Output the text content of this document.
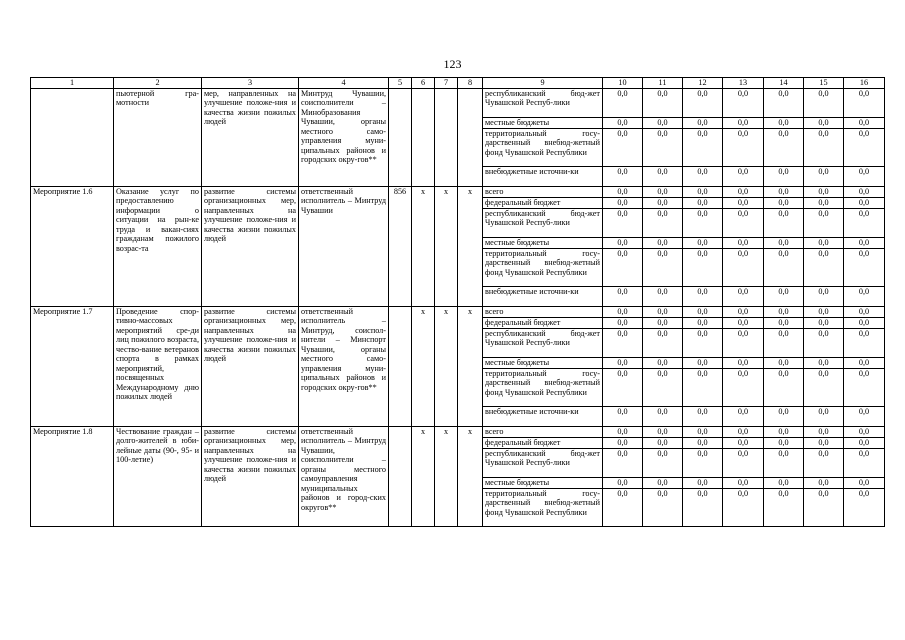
123
1	2	3	4	5	6	7	8	9	10	11	12	13	14	15	16
	пьютерной гра-мотности	мер, направленных на улучшение положе-ния и качества жизни пожилых людей	Минтруд Чувашии, соисполнители – Минобразования Чувашии, органы местного само-управления муни-ципальных районов и городских окру-гов**					республиканский бюд-жет Чувашской Респуб-лики	0,0	0,0	0,0	0,0	0,0	0,0	0,0
								местные бюджеты	0,0	0,0	0,0	0,0	0,0	0,0	0,0
								территориальный госу-дарственный внебюд-жетный фонд Чувашской Республики	0,0	0,0	0,0	0,0	0,0	0,0	0,0
								внебюджетные источни-ки	0,0	0,0	0,0	0,0	0,0	0,0	0,0
Мероприятие 1.6	Оказание услуг по предоставлению информации о ситуации на рын-ке труда и вакан-сиях гражданам пожилого возрас-та	развитие системы организационных мер, направленных на улучшение положе-ния и качества жизни пожилых людей	ответственный исполнитель – Минтруд Чувашии	856	x	x	x	всего	0,0	0,0	0,0	0,0	0,0	0,0	0,0
								федеральный бюджет	0,0	0,0	0,0	0,0	0,0	0,0	0,0
								республиканский бюд-жет Чувашской Респуб-лики	0,0	0,0	0,0	0,0	0,0	0,0	0,0
								местные бюджеты	0,0	0,0	0,0	0,0	0,0	0,0	0,0
								территориальный госу-дарственный внебюд-жетный фонд Чувашской Республики	0,0	0,0	0,0	0,0	0,0	0,0	0,0
								внебюджетные источни-ки	0,0	0,0	0,0	0,0	0,0	0,0	0,0
Мероприятие 1.7	Проведение спор-тивно-массовых мероприятий сре-ди лиц пожилого возраста, чество-вание ветеранов спорта в рамках мероприятий, посвященных Международному дню пожилых людей	развитие системы организационных мер, направленных на улучшение положе-ния и качества жизни пожилых людей	ответственный исполнитель – Минтруд, соиспол-нители – Минспорт Чувашии, органы местного само-управления муни-ципальных районов и городских окру-гов**		x	x	x	всего	0,0	0,0	0,0	0,0	0,0	0,0	0,0
								федеральный бюджет	0,0	0,0	0,0	0,0	0,0	0,0	0,0
								республиканский бюд-жет Чувашской Респуб-лики	0,0	0,0	0,0	0,0	0,0	0,0	0,0
								местные бюджеты	0,0	0,0	0,0	0,0	0,0	0,0	0,0
								территориальный госу-дарственный внебюд-жетный фонд Чувашской Республики	0,0	0,0	0,0	0,0	0,0	0,0	0,0
								внебюджетные источни-ки	0,0	0,0	0,0	0,0	0,0	0,0	0,0
Мероприятие 1.8	Чествование граждан – долго-жителей в юби-лейные даты (90-, 95- и 100-летие)	развитие системы организационных мер, направленных на улучшение положе-ния и качества жизни пожилых людей	ответственный исполнитель – Минтруд Чувашии, соисполнители – органы местного самоуправления муниципальных районов и город-ских округов**		x	x	x	всего	0,0	0,0	0,0	0,0	0,0	0,0	0,0
								федеральный бюджет	0,0	0,0	0,0	0,0	0,0	0,0	0,0
								республиканский бюд-жет Чувашской Респуб-лики	0,0	0,0	0,0	0,0	0,0	0,0	0,0
								местные бюджеты	0,0	0,0	0,0	0,0	0,0	0,0	0,0
								территориальный госу-дарственный внебюд-жетный фонд Чувашской Республики	0,0	0,0	0,0	0,0	0,0	0,0	0,0
